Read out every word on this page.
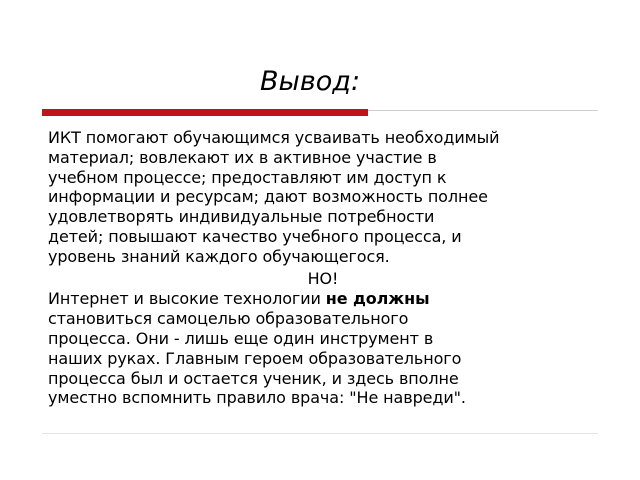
Вывод:
ИКТ помогают обучающимся усваивать необходимый
материал; вовлекают их в активное участие в
учебном процессе; предоставляют им доступ к
информации и ресурсам; дают возможность полнее
удовлетворять индивидуальные потребности
детей; повышают качество учебного процесса, и
уровень знаний каждого обучающегося.
НО!
Интернет и высокие технологии не должны
становиться самоцелью образовательного
процесса. Они - лишь еще один инструмент в
наших руках. Главным героем образовательного
процесса был и остается ученик, и здесь вполне
уместно вспомнить правило врача: "Не навреди".
